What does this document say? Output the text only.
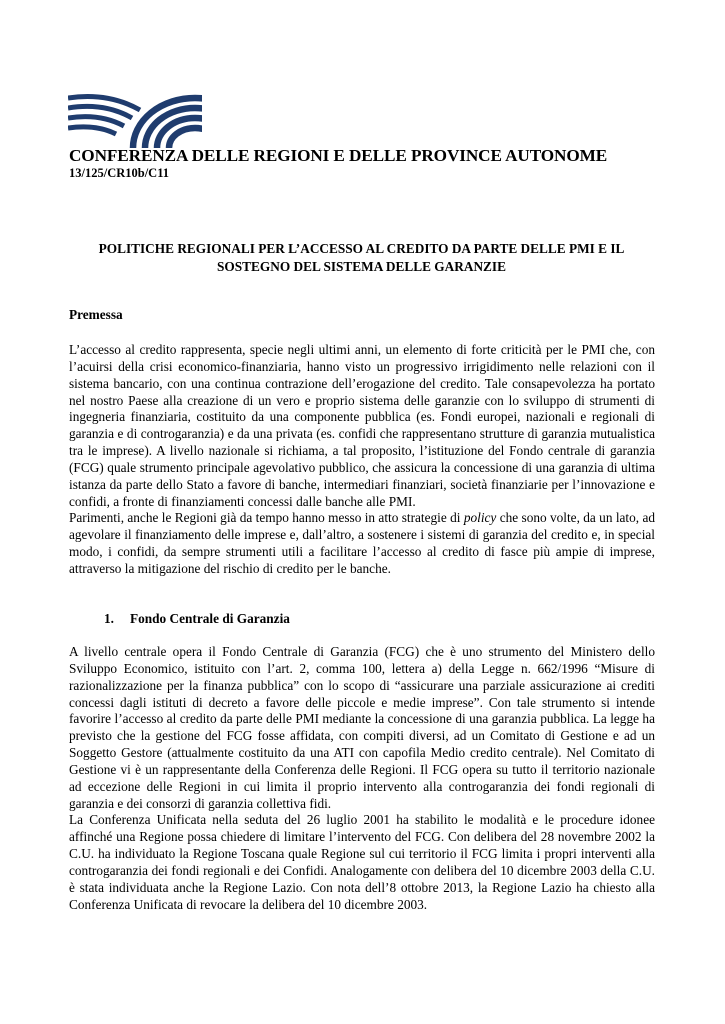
CONFERENZA DELLE REGIONI E DELLE PROVINCE AUTONOME
13/125/CR10b/C11
POLITICHE REGIONALI PER L’ACCESSO AL CREDITO DA PARTE DELLE PMI E IL
SOSTEGNO DEL SISTEMA DELLE GARANZIE
Premessa

L’accesso al credito rappresenta, specie negli ultimi anni, un elemento di forte criticità per le PMI che, con l’acuirsi della crisi economico-finanziaria, hanno visto un progressivo irrigidimento nelle relazioni con il sistema bancario, con una continua contrazione dell’erogazione del credito. Tale consapevolezza ha portato nel nostro Paese alla creazione di un vero e proprio sistema delle garanzie con lo sviluppo di strumenti di ingegneria finanziaria, costituito da una componente pubblica (es. Fondi europei, nazionali e regionali di garanzia e di controgaranzia) e da una privata (es. confidi che rappresentano strutture di garanzia mutualistica tra le imprese). A livello nazionale si richiama, a tal proposito, l’istituzione del Fondo centrale di garanzia (FCG) quale strumento principale agevolativo pubblico, che assicura la concessione di una garanzia di ultima istanza da parte dello Stato a favore di banche, intermediari finanziari, società finanziarie per l’innovazione e confidi, a fronte di finanziamenti concessi dalle banche alle PMI.

Parimenti, anche le Regioni già da tempo hanno messo in atto strategie di policy che sono volte, da un lato, ad agevolare il finanziamento delle imprese e, dall’altro, a sostenere i sistemi di garanzia del credito e, in special modo, i confidi, da sempre strumenti utili a facilitare l’accesso al credito di fasce più ampie di imprese, attraverso la mitigazione del rischio di credito per le banche.

1. Fondo Centrale di Garanzia

A livello centrale opera il Fondo Centrale di Garanzia (FCG) che è uno strumento del Ministero dello Sviluppo Economico, istituito con l’art. 2, comma 100, lettera a) della Legge n. 662/1996 “Misure di razionalizzazione per la finanza pubblica” con lo scopo di “assicurare una parziale assicurazione ai crediti concessi dagli istituti di decreto a favore delle piccole e medie imprese”. Con tale strumento si intende favorire l’accesso al credito da parte delle PMI mediante la concessione di una garanzia pubblica. La legge ha previsto che la gestione del FCG fosse affidata, con compiti diversi, ad un Comitato di Gestione e ad un Soggetto Gestore (attualmente costituito da una ATI con capofila Medio credito centrale). Nel Comitato di Gestione vi è un rappresentante della Conferenza delle Regioni. Il FCG opera su tutto il territorio nazionale ad eccezione delle Regioni in cui limita il proprio intervento alla controgaranzia dei fondi regionali di garanzia e dei consorzi di garanzia collettiva fidi.

La Conferenza Unificata nella seduta del 26 luglio 2001 ha stabilito le modalità e le procedure idonee affinché una Regione possa chiedere di limitare l’intervento del FCG. Con delibera del 28 novembre 2002 la C.U. ha individuato la Regione Toscana quale Regione sul cui territorio il FCG limita i propri interventi alla controgaranzia dei fondi regionali e dei Confidi. Analogamente con delibera del 10 dicembre 2003 della C.U. è stata individuata anche la Regione Lazio. Con nota dell’8 ottobre 2013, la Regione Lazio ha chiesto alla Conferenza Unificata di revocare la delibera del 10 dicembre 2003.
